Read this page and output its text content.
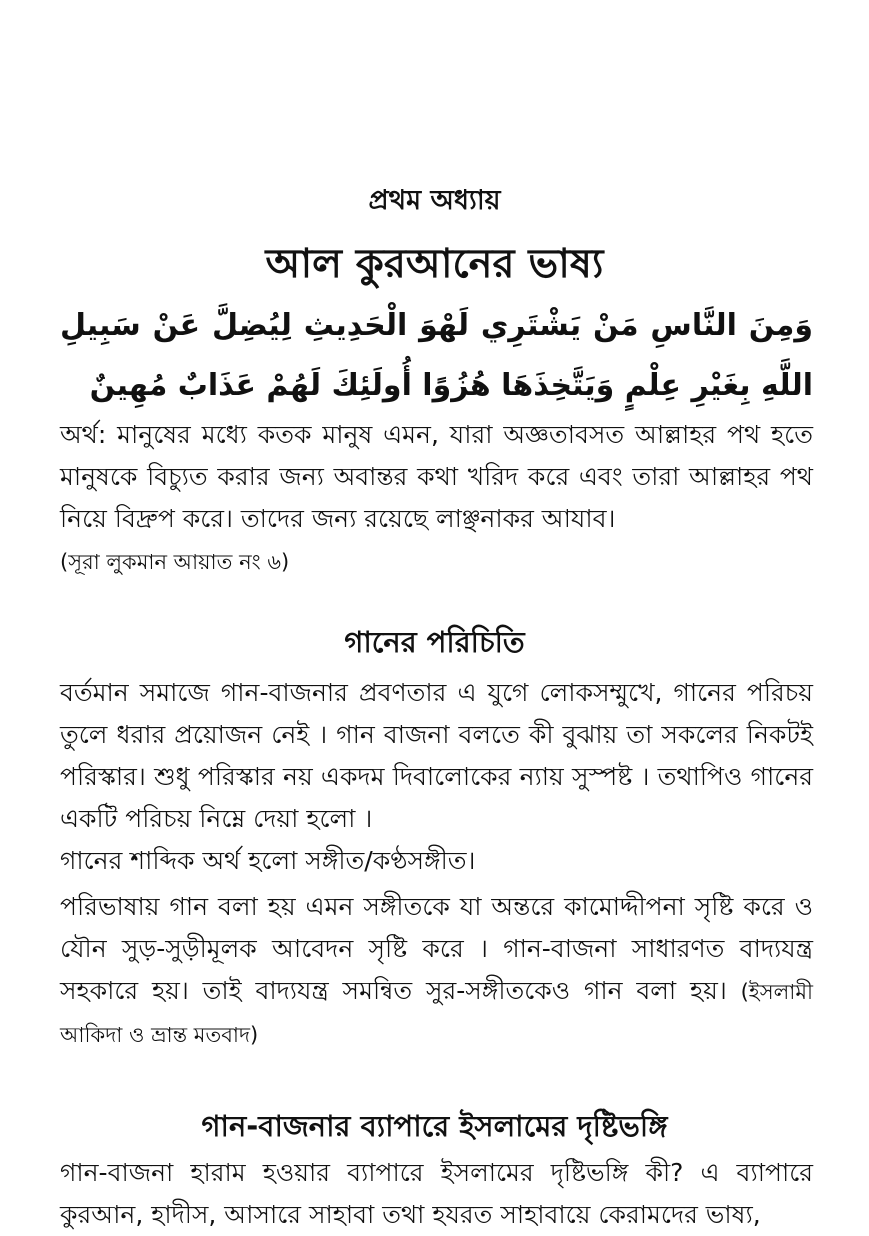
প্রথম অধ্যায়
আল কুরআনের ভাষ্য
وَمِنَ النَّاسِ مَنْ يَشْتَرِي لَهْوَ الْحَدِيثِ لِيُضِلَّ عَنْ سَبِيلِ اللَّهِ بِغَيْرِ عِلْمٍ وَيَتَّخِذَهَا هُزُوًا أُولَئِكَ لَهُمْ عَذَابٌ مُهِينٌ
অর্থ: মানুষের মধ্যে কতক মানুষ এমন, যারা অজ্ঞতাবসত আল্লাহর পথ হতে মানুষকে বিচ্যুত করার জন্য অবান্তর কথা খরিদ করে এবং তারা আল্লাহর পথ নিয়ে বিদ্রুপ করে। তাদের জন্য রয়েছে লাঞ্ছনাকর আযাব।
(সূরা লুকমান আয়াত নং ৬)
গানের পরিচিতি
বর্তমান সমাজে গান-বাজনার প্রবণতার এ যুগে লোকসম্মুখে, গানের পরিচয় তুলে ধরার প্রয়োজন নেই । গান বাজনা বলতে কী বুঝায় তা সকলের নিকটই পরিস্কার। শুধু পরিস্কার নয় একদম দিবালোকের ন্যায় সুস্পষ্ট । তথাপিও গানের একটি পরিচয় নিম্নে দেয়া হলো ।
গানের শাব্দিক অর্থ হলো সঙ্গীত/কণ্ঠসঙ্গীত।
পরিভাষায় গান বলা হয় এমন সঙ্গীতকে যা অন্তরে কামোদ্দীপনা সৃষ্টি করে ও যৌন সুড়-সুড়ীমূলক আবেদন সৃষ্টি করে । গান-বাজনা সাধারণত বাদ্যযন্ত্র সহকারে হয়। তাই বাদ্যযন্ত্র সমন্বিত সুর-সঙ্গীতকেও গান বলা হয়। (ইসলামী আকিদা ও ভ্রান্ত মতবাদ)
গান-বাজনার ব্যাপারে ইসলামের দৃষ্টিভঙ্গি
গান-বাজনা হারাম হওয়ার ব্যাপারে ইসলামের দৃষ্টিভঙ্গি কী? এ ব্যাপারে কুরআন, হাদীস, আসারে সাহাবা তথা হযরত সাহাবায়ে কেরামদের ভাষ্য,
